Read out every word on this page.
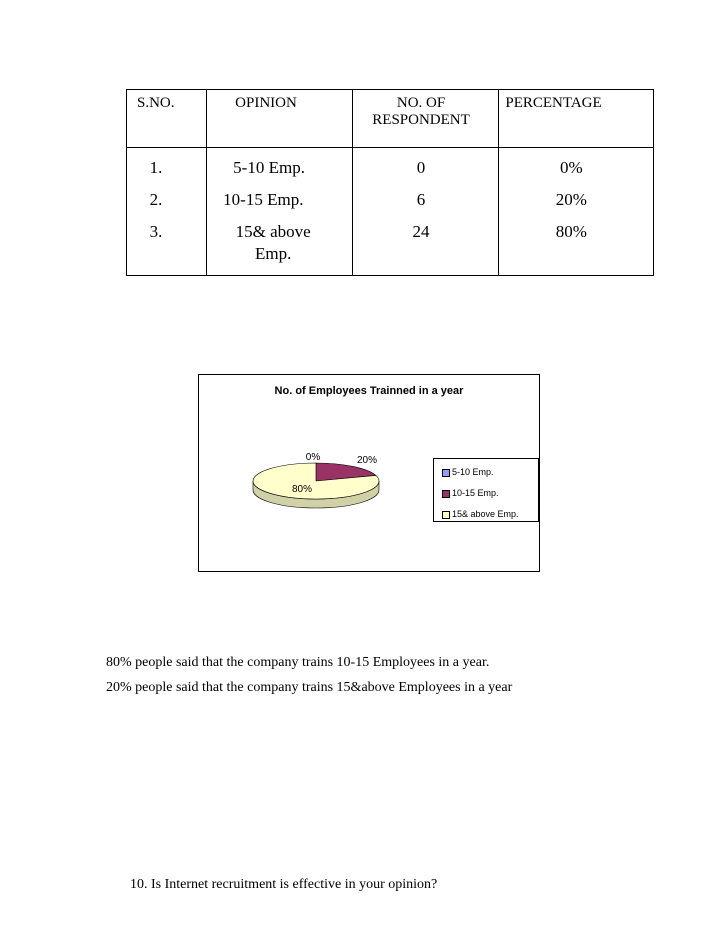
S.NO.	OPINION	NO. OF RESPONDENT	PERCENTAGE

1.	5-10 Emp.	0	0%

2.	10-15 Emp.	6	20%

3.	15& above Emp.	24	80%
0%	20%
80%
No. of Employees Trainned in a year
5-10 Emp.
10-15 Emp.
15& above Emp.
80% people said that the company trains 10-15 Employees in a year.
20% people said that the company trains 15&above Employees in a year
10. Is Internet recruitment is effective in your opinion?
